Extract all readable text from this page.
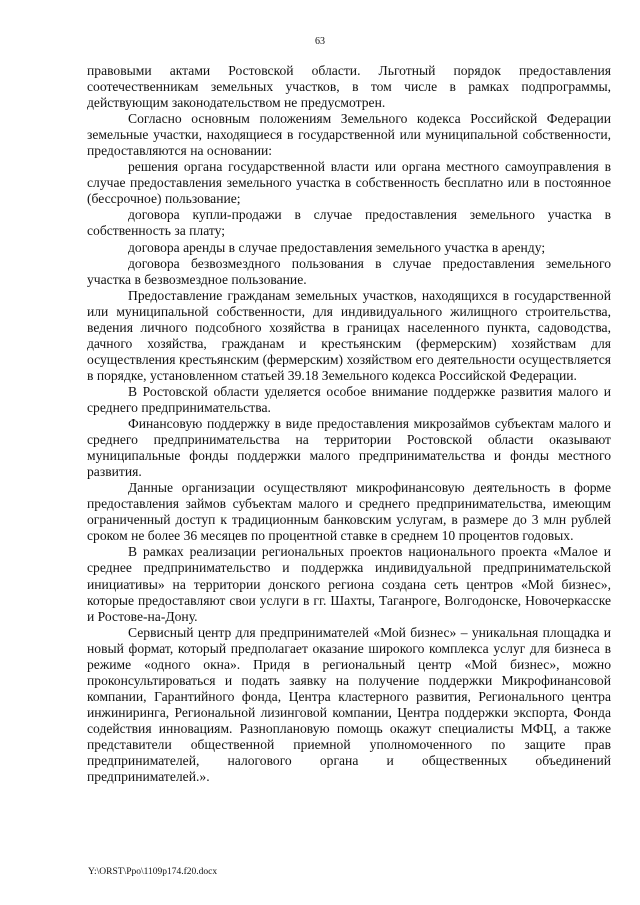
63

правовыми актами Ростовской области. Льготный порядок предоставления соотечественникам земельных участков, в том числе в рамках подпрограммы, действующим законодательством не предусмотрен.

Согласно основным положениям Земельного кодекса Российской Федерации земельные участки, находящиеся в государственной или муниципальной собственности, предоставляются на основании:

решения органа государственной власти или органа местного самоуправления в случае предоставления земельного участка в собственность бесплатно или в постоянное (бессрочное) пользование;

договора купли-продажи в случае предоставления земельного участка в собственность за плату;

договора аренды в случае предоставления земельного участка в аренду;

договора безвозмездного пользования в случае предоставления земельного участка в безвозмездное пользование.

Предоставление гражданам земельных участков, находящихся в государственной или муниципальной собственности, для индивидуального жилищного строительства, ведения личного подсобного хозяйства в границах населенного пункта, садоводства, дачного хозяйства, гражданам и крестьянским (фермерским) хозяйствам для осуществления крестьянским (фермерским) хозяйством его деятельности осуществляется в порядке, установленном статьей 39.18 Земельного кодекса Российской Федерации.

В Ростовской области уделяется особое внимание поддержке развития малого и среднего предпринимательства.

Финансовую поддержку в виде предоставления микрозаймов субъектам малого и среднего предпринимательства на территории Ростовской области оказывают муниципальные фонды поддержки малого предпринимательства и фонды местного развития.

Данные организации осуществляют микрофинансовую деятельность в форме предоставления займов субъектам малого и среднего предпринимательства, имеющим ограниченный доступ к традиционным банковским услугам, в размере до 3 млн рублей сроком не более 36 месяцев по процентной ставке в среднем 10 процентов годовых.

В рамках реализации региональных проектов национального проекта «Малое и среднее предпринимательство и поддержка индивидуальной предпринимательской инициативы» на территории донского региона создана сеть центров «Мой бизнес», которые предоставляют свои услуги в гг. Шахты, Таганроге, Волгодонске, Новочеркасске и Ростове-на-Дону.

Сервисный центр для предпринимателей «Мой бизнес» – уникальная площадка и новый формат, который предполагает оказание широкого комплекса услуг для бизнеса в режиме «одного окна». Придя в региональный центр «Мой бизнес», можно проконсультироваться и подать заявку на получение поддержки Микрофинансовой компании, Гарантийного фонда, Центра кластерного развития, Регионального центра инжиниринга, Региональной лизинговой компании, Центра поддержки экспорта, Фонда содействия инновациям. Разноплановую помощь окажут специалисты МФЦ, а также представители общественной приемной уполномоченного по защите прав предпринимателей, налогового органа и общественных объединений предпринимателей.».

Y:\ORST\Ppo\1109p174.f20.docx
